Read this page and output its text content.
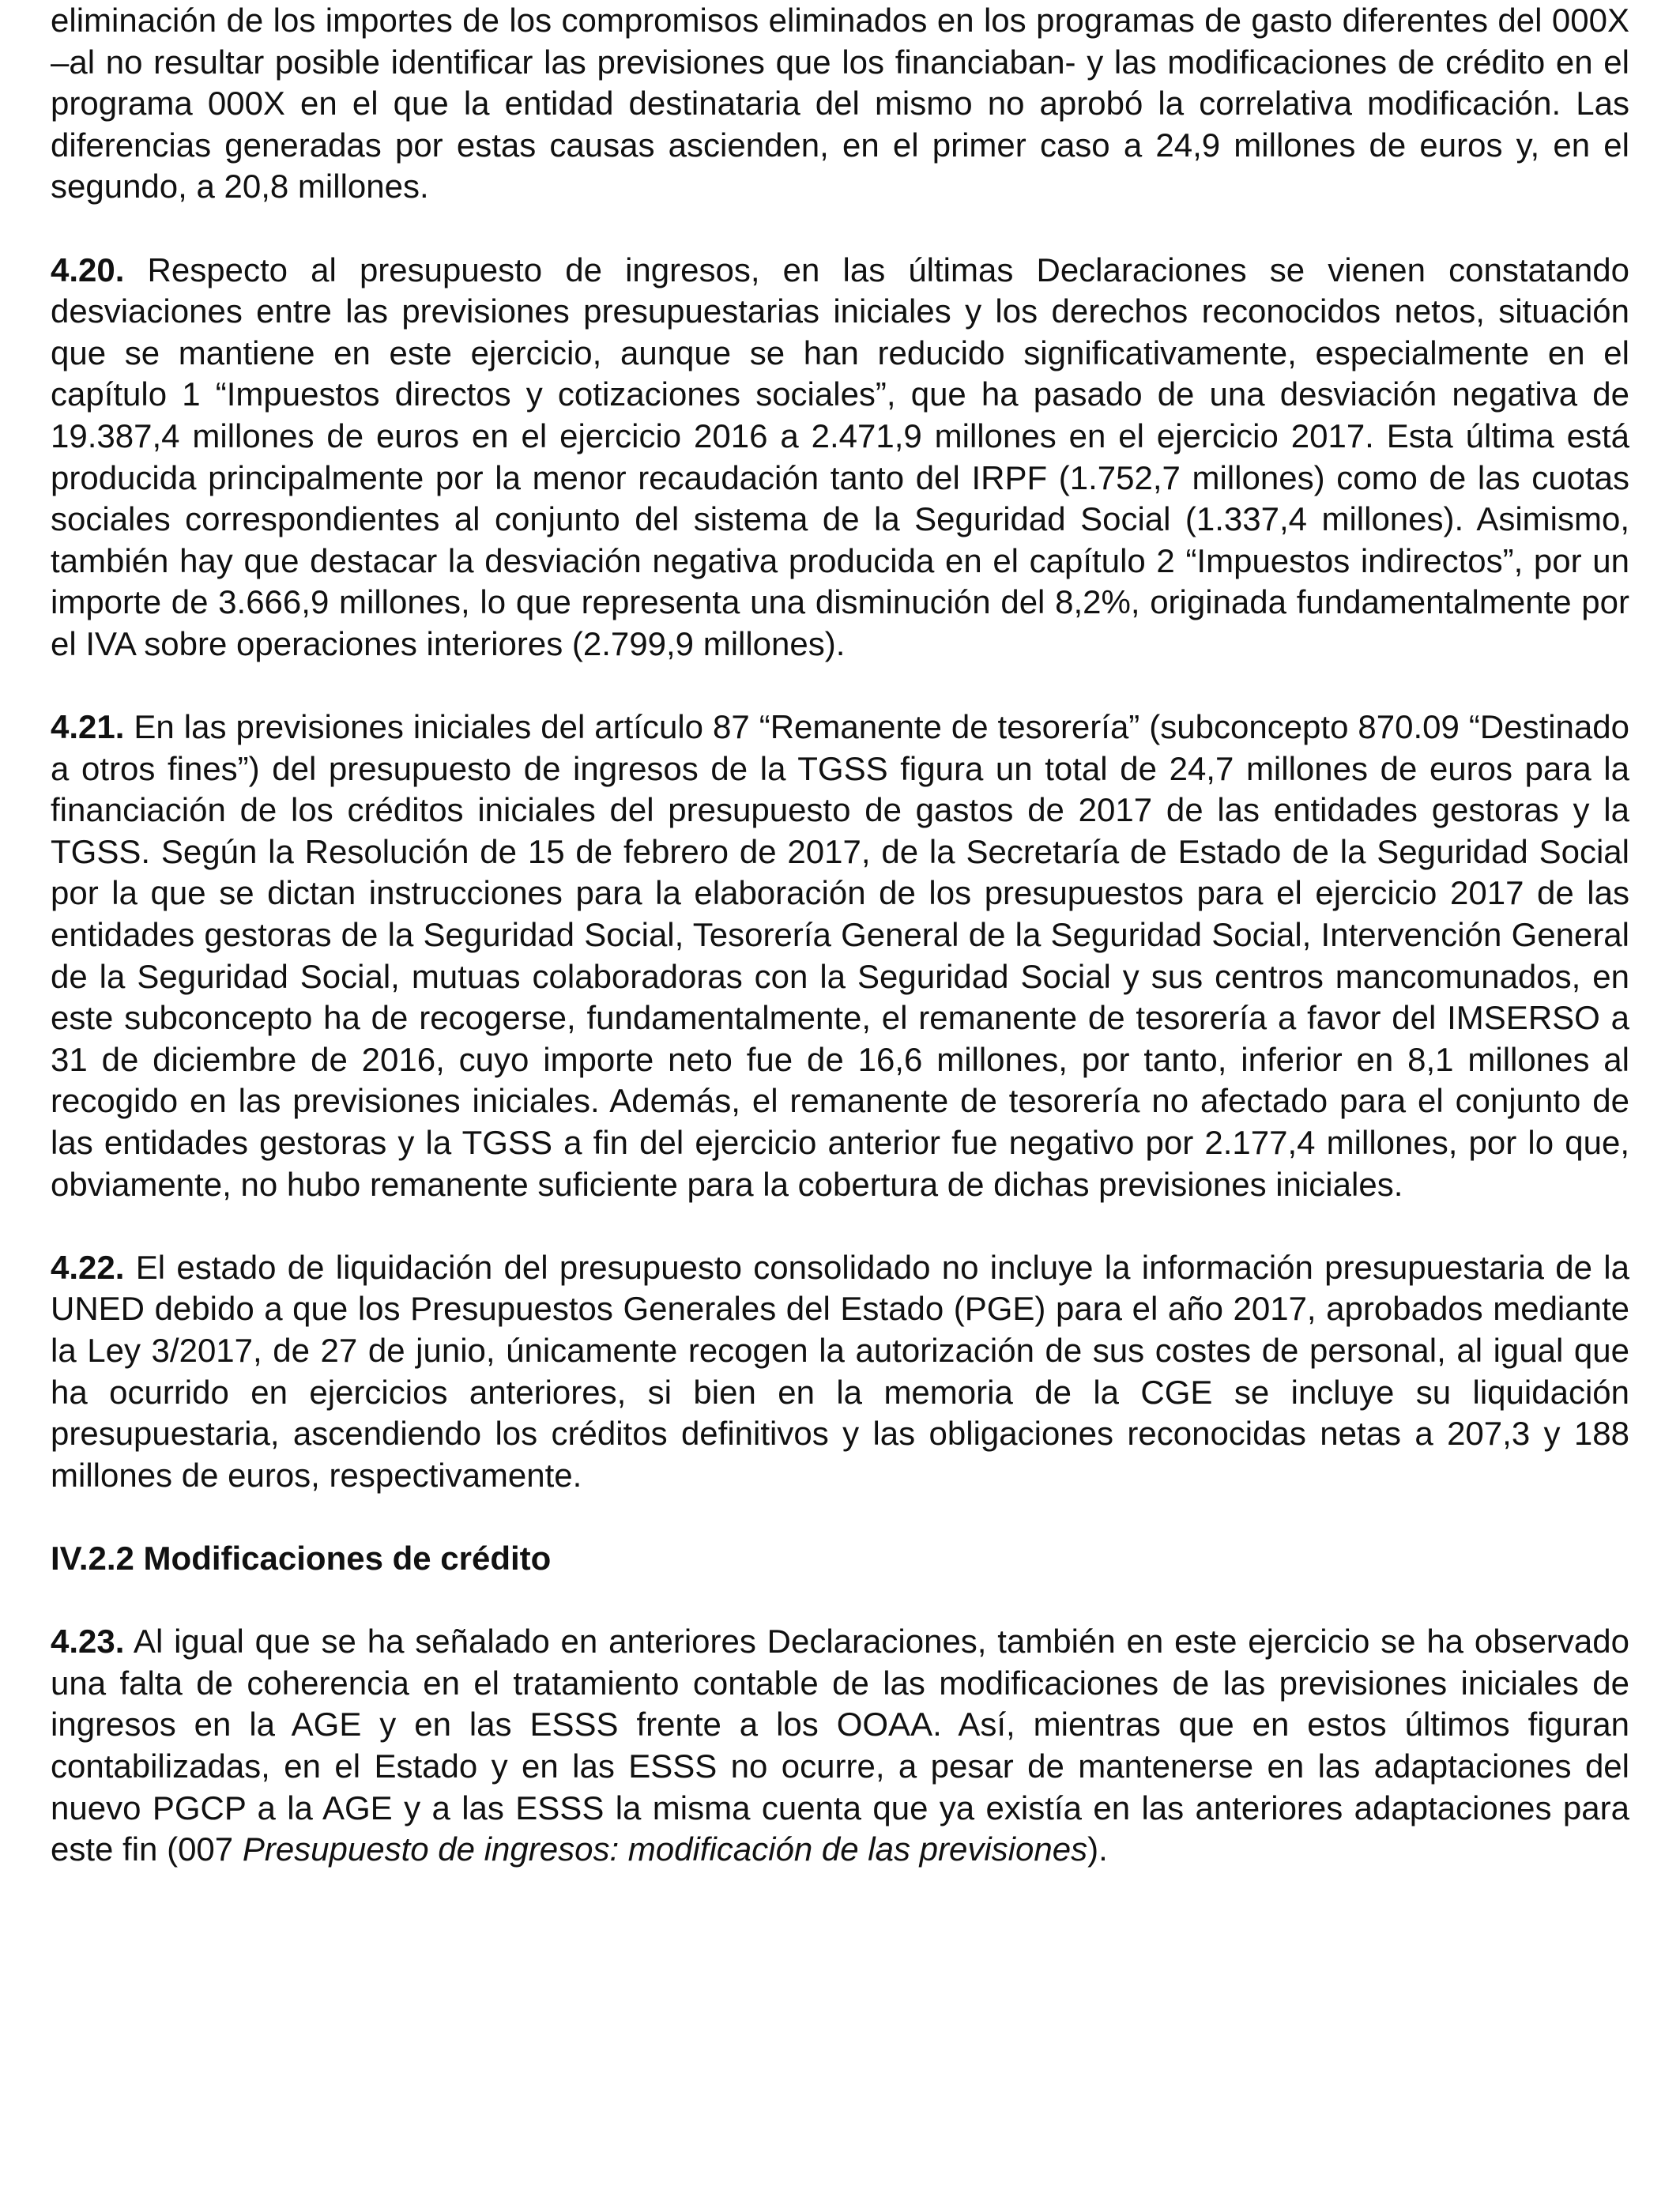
eliminación de los importes de los compromisos eliminados en los programas de gasto diferentes del 000X –al no resultar posible identificar las previsiones que los financiaban- y las modificaciones de crédito en el programa 000X en el que la entidad destinataria del mismo no aprobó la correlativa modificación. Las diferencias generadas por estas causas ascienden, en el primer caso a 24,9 millones de euros y, en el segundo, a 20,8 millones.

4.20. Respecto al presupuesto de ingresos, en las últimas Declaraciones se vienen constatando desviaciones entre las previsiones presupuestarias iniciales y los derechos reconocidos netos, situación que se mantiene en este ejercicio, aunque se han reducido significativamente, especialmente en el capítulo 1 “Impuestos directos y cotizaciones sociales”, que ha pasado de una desviación negativa de 19.387,4 millones de euros en el ejercicio 2016 a 2.471,9 millones en el ejercicio 2017. Esta última está producida principalmente por la menor recaudación tanto del IRPF (1.752,7 millones) como de las cuotas sociales correspondientes al conjunto del sistema de la Seguridad Social (1.337,4 millones). Asimismo, también hay que destacar la desviación negativa producida en el capítulo 2 “Impuestos indirectos”, por un importe de 3.666,9 millones, lo que representa una disminución del 8,2%, originada fundamentalmente por el IVA sobre operaciones interiores (2.799,9 millones).

4.21. En las previsiones iniciales del artículo 87 “Remanente de tesorería” (subconcepto 870.09 “Destinado a otros fines”) del presupuesto de ingresos de la TGSS figura un total de 24,7 millones de euros para la financiación de los créditos iniciales del presupuesto de gastos de 2017 de las entidades gestoras y la TGSS. Según la Resolución de 15 de febrero de 2017, de la Secretaría de Estado de la Seguridad Social por la que se dictan instrucciones para la elaboración de los presupuestos para el ejercicio 2017 de las entidades gestoras de la Seguridad Social, Tesorería General de la Seguridad Social, Intervención General de la Seguridad Social, mutuas colaboradoras con la Seguridad Social y sus centros mancomunados, en este subconcepto ha de recogerse, fundamentalmente, el remanente de tesorería a favor del IMSERSO a 31 de diciembre de 2016, cuyo importe neto fue de 16,6 millones, por tanto, inferior en 8,1 millones al recogido en las previsiones iniciales. Además, el remanente de tesorería no afectado para el conjunto de las entidades gestoras y la TGSS a fin del ejercicio anterior fue negativo por 2.177,4 millones, por lo que, obviamente, no hubo remanente suficiente para la cobertura de dichas previsiones iniciales.

4.22. El estado de liquidación del presupuesto consolidado no incluye la información presupuestaria de la UNED debido a que los Presupuestos Generales del Estado (PGE) para el año 2017, aprobados mediante la Ley 3/2017, de 27 de junio, únicamente recogen la autorización de sus costes de personal, al igual que ha ocurrido en ejercicios anteriores, si bien en la memoria de la CGE se incluye su liquidación presupuestaria, ascendiendo los créditos definitivos y las obligaciones reconocidas netas a 207,3 y 188 millones de euros, respectivamente.

IV.2.2 Modificaciones de crédito

4.23. Al igual que se ha señalado en anteriores Declaraciones, también en este ejercicio se ha observado una falta de coherencia en el tratamiento contable de las modificaciones de las previsiones iniciales de ingresos en la AGE y en las ESSS frente a los OOAA. Así, mientras que en estos últimos figuran contabilizadas, en el Estado y en las ESSS no ocurre, a pesar de mantenerse en las adaptaciones del nuevo PGCP a la AGE y a las ESSS la misma cuenta que ya existía en las anteriores adaptaciones para este fin (007 Presupuesto de ingresos: modificación de las previsiones).
